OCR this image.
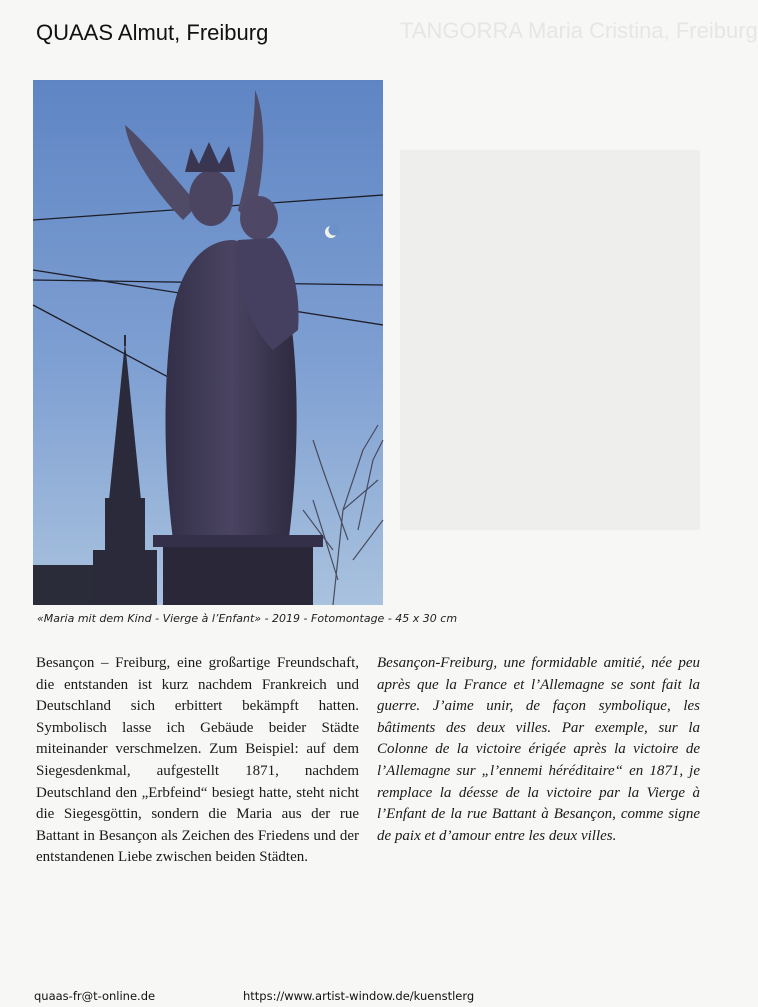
TANGORRA Maria Cristina, Freiburg
QUAAS Almut, Freiburg
«Maria mit dem Kind - Vierge à l’Enfant» - 2019 - Fotomontage - 45 x 30 cm

Besançon – Freiburg, eine großartige Freundschaft, die entstanden ist kurz nachdem Frankreich und Deutschland sich erbittert bekämpft hatten. Symbolisch lasse ich Gebäude beider Städte miteinander verschmelzen. Zum Beispiel: auf dem Siegesdenkmal, aufgestellt 1871, nachdem Deutschland den „Erbfeind“ besiegt hatte, steht nicht die Siegesgöttin, sondern die Maria aus der rue Battant in Besançon als Zeichen des Friedens und der entstandenen Liebe zwischen beiden Städten.

Besançon-Freiburg, une formidable amitié, née peu après que la France et l’Allemagne se sont fait la guerre. J’aime unir, de façon symbolique, les bâtiments des deux villes. Par exemple, sur la Colonne de la victoire érigée après la victoire de l’Allemagne sur „l’ennemi héréditaire“ en 1871, je remplace la déesse de la victoire par la Vierge à l’Enfant de la rue Battant à Besançon, comme signe de paix et d’amour entre les deux villes.

quaas-fr@t-online.de	https://www.artist-window.de/kuenstlerg
